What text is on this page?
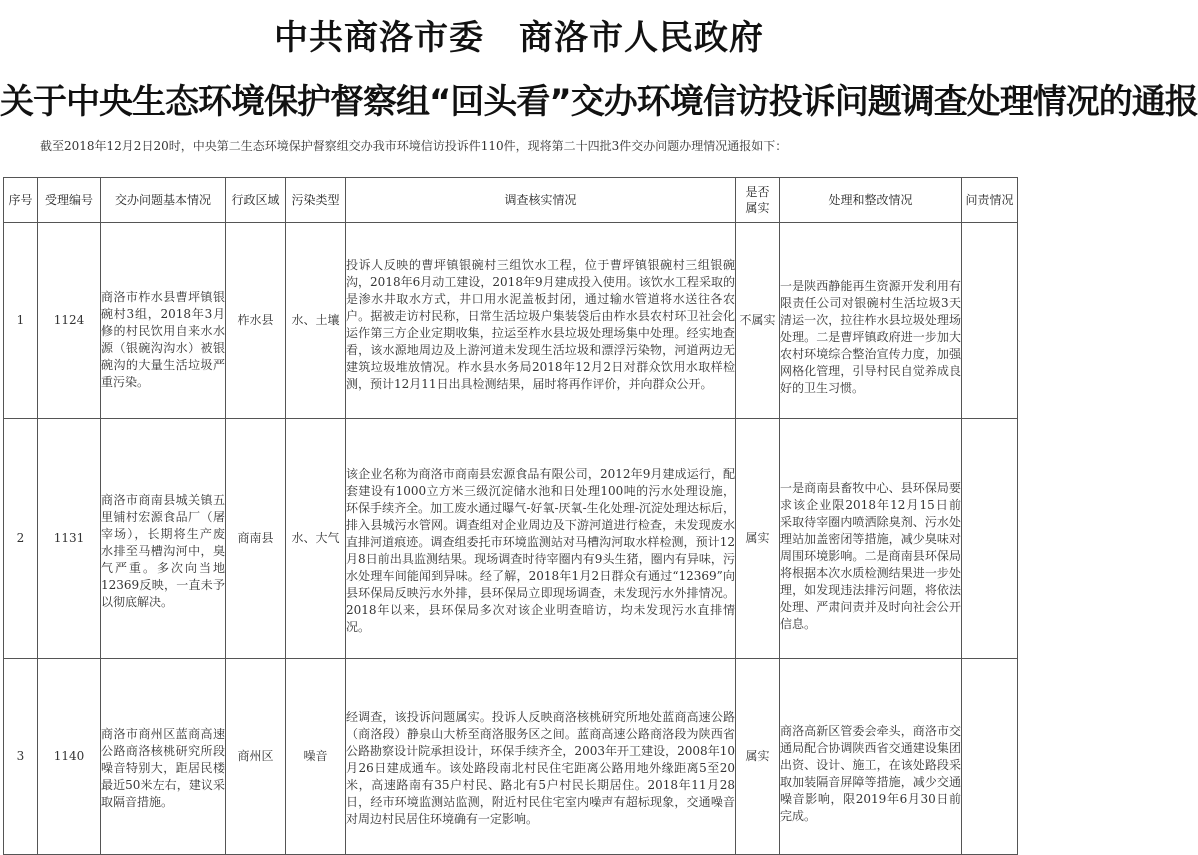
中共商洛市委　商洛市人民政府
关于中央生态环境保护督察组“回头看”交办环境信访投诉问题调查处理情况的通报
截至2018年12月2日20时，中央第二生态环境保护督察组交办我市环境信访投诉件110件，现将第二十四批3件交办问题办理情况通报如下：
序号	受理编号	交办问题基本情况	行政区域	污染类型	调查核实情况	是否属实	处理和整改情况	问责情况
1	1124	商洛市柞水县曹坪镇银碗村3组，2018年3月修的村民饮用自来水水源（银碗沟沟水）被银碗沟的大量生活垃圾严重污染。	柞水县	水、土壤	投诉人反映的曹坪镇银碗村三组饮水工程，位于曹坪镇银碗村三组银碗沟，2018年6月动工建设，2018年9月建成投入使用。该饮水工程采取的是渗水井取水方式，井口用水泥盖板封闭，通过输水管道将水送往各农户。据被走访村民称，日常生活垃圾户集装袋后由柞水县农村环卫社会化运作第三方企业定期收集，拉运至柞水县垃圾处理场集中处理。经实地查看，该水源地周边及上游河道未发现生活垃圾和漂浮污染物，河道两边无建筑垃圾堆放情况。柞水县水务局2018年12月2日对群众饮用水取样检测，预计12月11日出具检测结果，届时将再作评价，并向群众公开。	不属实	一是陕西静能再生资源开发利用有限责任公司对银碗村生活垃圾3天清运一次，拉往柞水县垃圾处理场处理。二是曹坪镇政府进一步加大农村环境综合整治宣传力度，加强网格化管理，引导村民自觉养成良好的卫生习惯。	
2	1131	商洛市商南县城关镇五里铺村宏源食品厂（屠宰场），长期将生产废水排至马槽沟河中，臭气严重。多次向当地12369反映，一直未予以彻底解决。	商南县	水、大气	该企业名称为商洛市商南县宏源食品有限公司，2012年9月建成运行，配套建设有1000立方米三级沉淀储水池和日处理100吨的污水处理设施，环保手续齐全。加工废水通过曝气-好氧-厌氧-生化处理-沉淀处理达标后，排入县城污水管网。调查组对企业周边及下游河道进行检查，未发现废水直排河道痕迹。调查组委托市环境监测站对马槽沟河取水样检测，预计12月8日前出具监测结果。现场调查时待宰圈内有9头生猪，圈内有异味，污水处理车间能闻到异味。经了解，2018年1月2日群众有通过“12369”向县环保局反映污水外排，县环保局立即现场调查，未发现污水外排情况。2018年以来，县环保局多次对该企业明查暗访，均未发现污水直排情况。	属实	一是商南县畜牧中心、县环保局要求该企业限2018年12月15日前采取待宰圈内喷洒除臭剂、污水处理站加盖密闭等措施，减少臭味对周围环境影响。二是商南县环保局将根据本次水质检测结果进一步处理，如发现违法排污问题，将依法处理、严肃问责并及时向社会公开信息。	
3	1140	商洛市商州区蓝商高速公路商洛核桃研究所段噪音特别大，距居民楼最近50米左右，建议采取隔音措施。	商州区	噪音	经调查，该投诉问题属实。投诉人反映商洛核桃研究所地处蓝商高速公路（商洛段）静泉山大桥至商洛服务区之间。蓝商高速公路商洛段为陕西省公路勘察设计院承担设计，环保手续齐全，2003年开工建设，2008年10月26日建成通车。该处路段南北村民住宅距离公路用地外缘距离5至20米，高速路南有35户村民、路北有5户村民长期居住。2018年11月28日，经市环境监测站监测，附近村民住宅室内噪声有超标现象，交通噪音对周边村民居住环境确有一定影响。	属实	商洛高新区管委会牵头，商洛市交通局配合协调陕西省交通建设集团出资、设计、施工，在该处路段采取加装隔音屏障等措施，减少交通噪音影响，限2019年6月30日前完成。	
